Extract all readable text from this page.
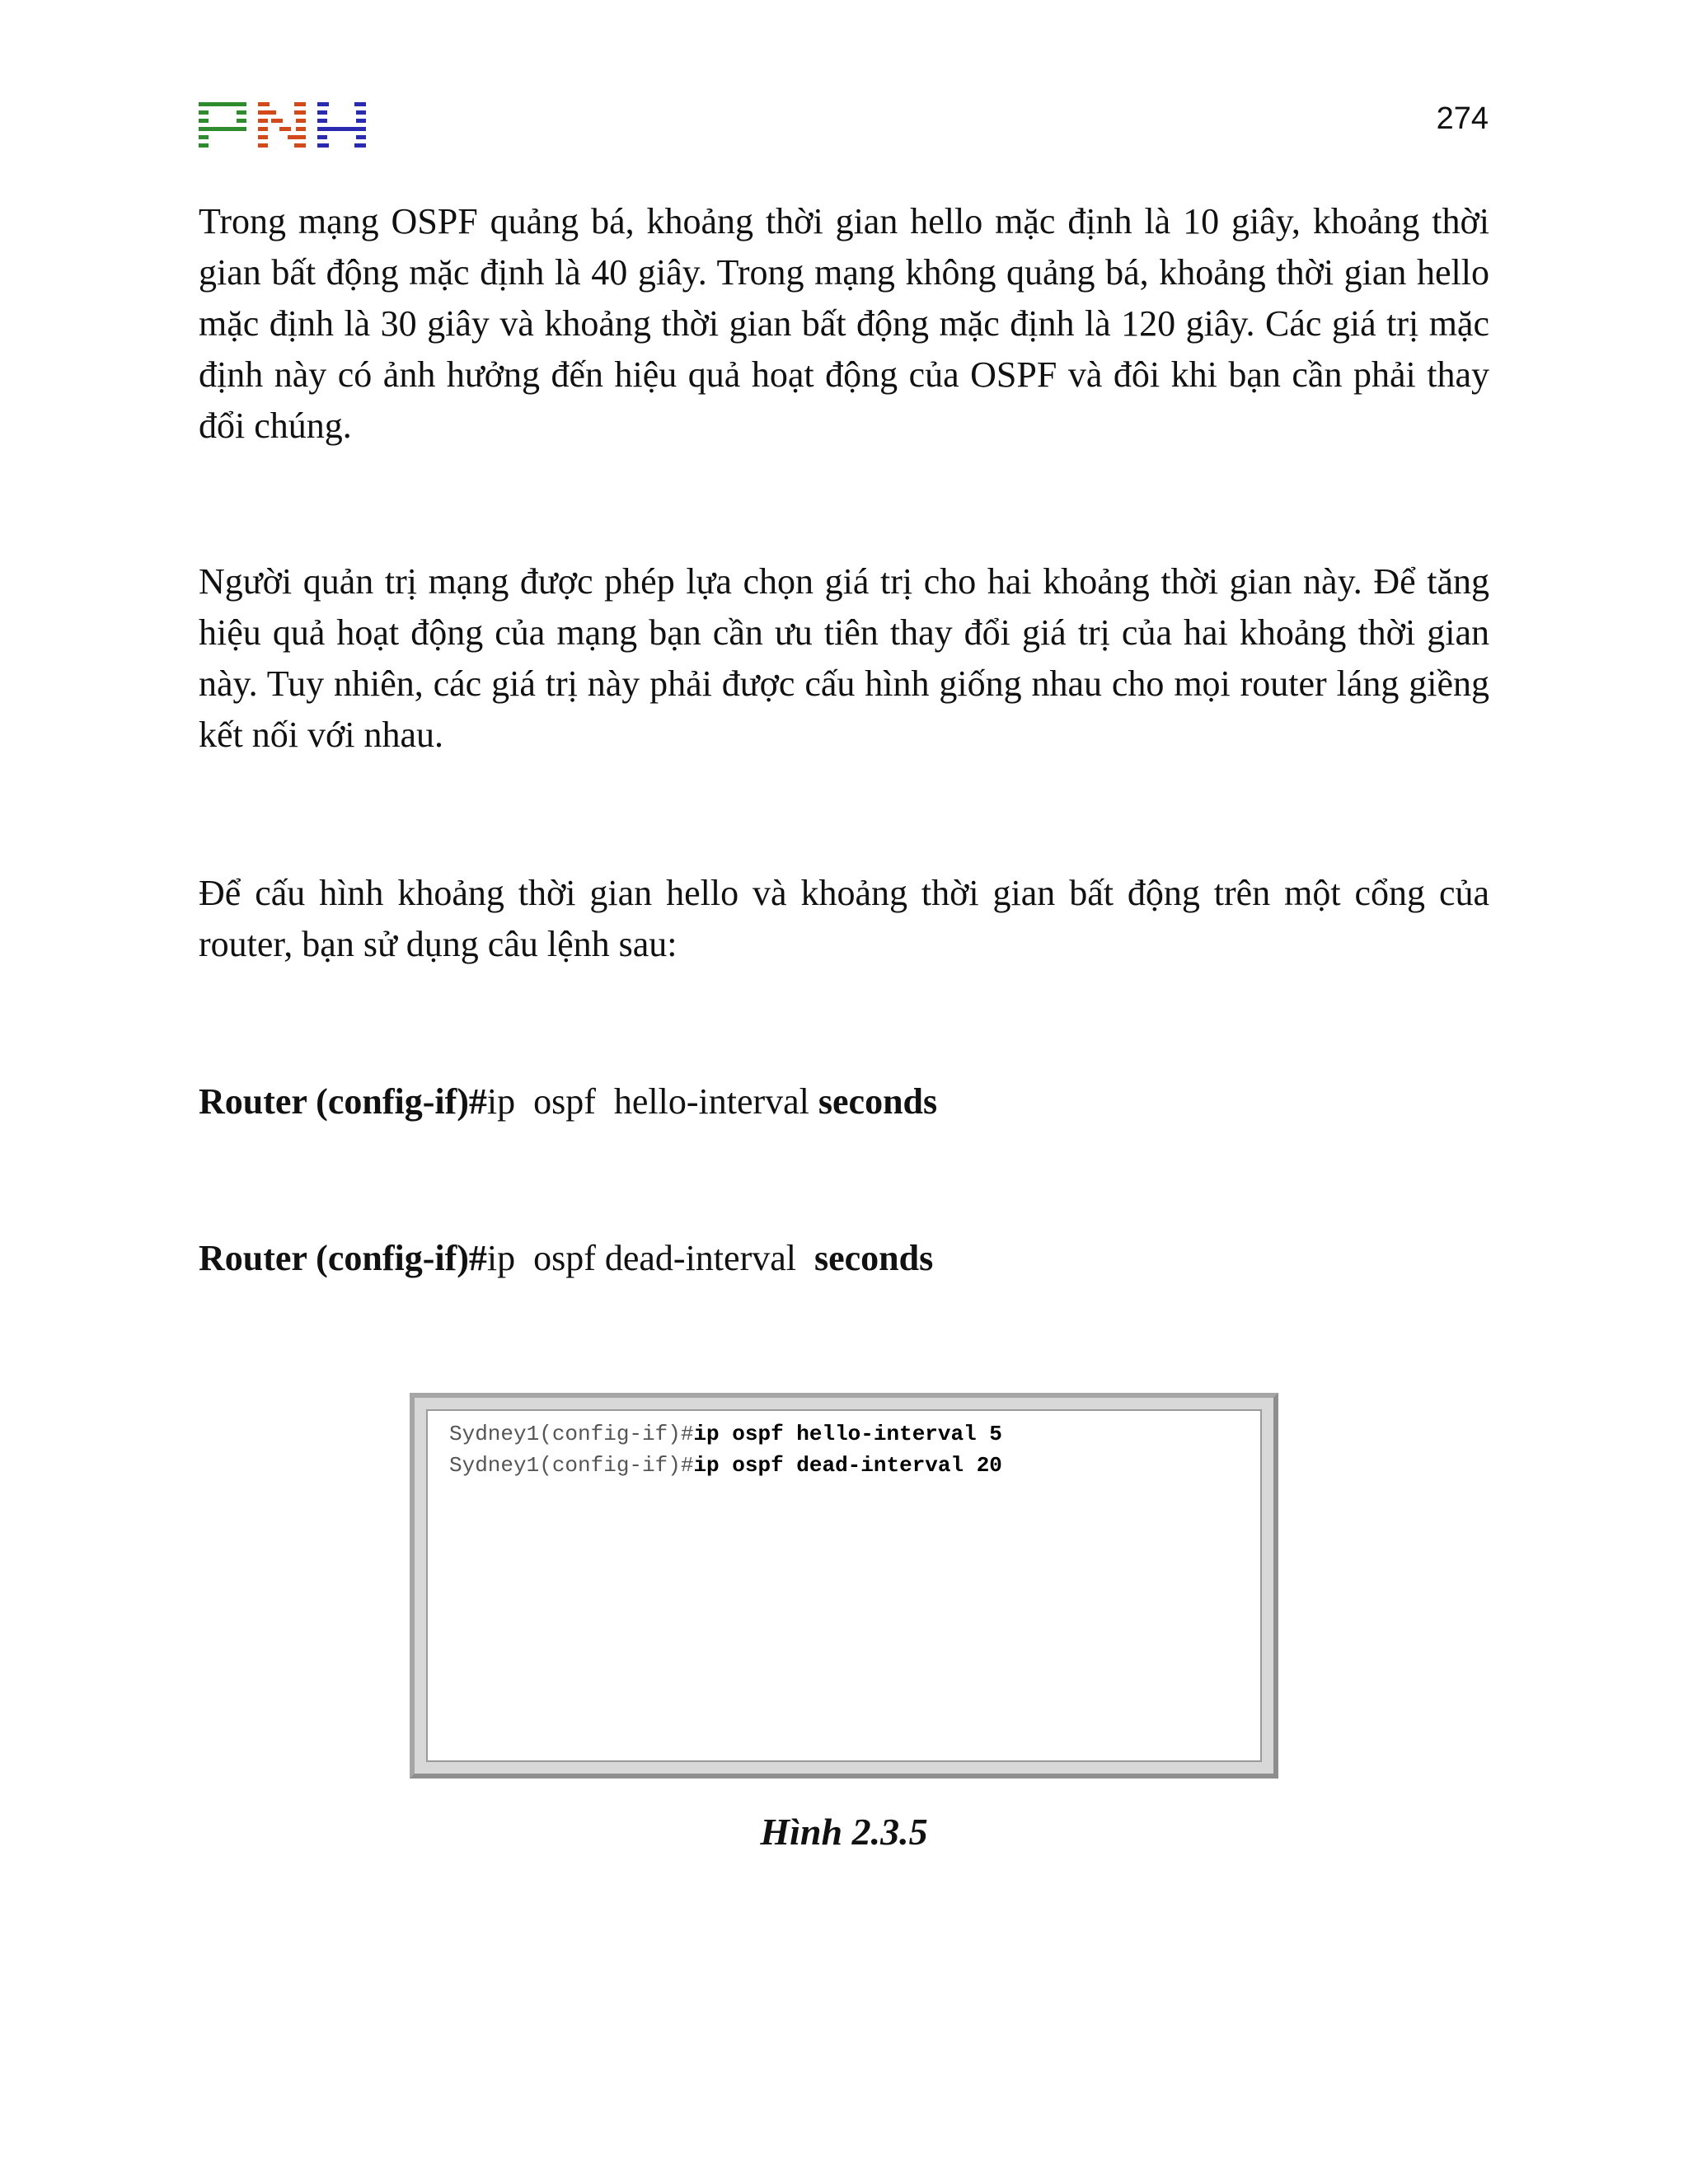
274

Trong mạng OSPF quảng bá, khoảng thời gian hello mặc định là 10 giây, khoảng thời gian bất động mặc định là 40 giây. Trong mạng không quảng bá, khoảng thời gian hello mặc định là 30 giây và khoảng thời gian bất động mặc định là 120 giây. Các giá trị mặc định này có ảnh hưởng đến hiệu quả hoạt động của OSPF và đôi khi bạn cần phải thay đổi chúng.

Người quản trị mạng được phép lựa chọn giá trị cho hai khoảng thời gian này. Để tăng hiệu quả hoạt động của mạng bạn cần ưu tiên thay đổi giá trị của hai khoảng thời gian này. Tuy nhiên, các giá trị này phải được cấu hình giống nhau cho mọi router láng giềng kết nối với nhau.

Để cấu hình khoảng thời gian hello và khoảng thời gian bất động trên một cổng của router, bạn sử dụng câu lệnh sau:

Router (config-if)#ip  ospf  hello-interval seconds
Router (config-if)#ip  ospf dead-interval  seconds
Sydney1(config-if)#ip ospf hello-interval 5
Sydney1(config-if)#ip ospf dead-interval 20
Hình 2.3.5
